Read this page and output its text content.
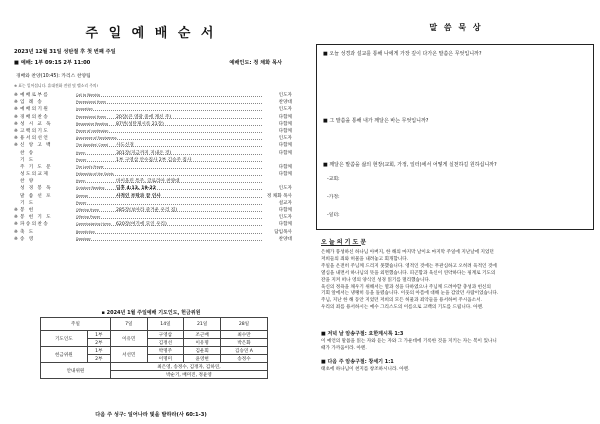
주 일 예 배 순 서
2023년 12월 31일 성탄절 후 첫 번째 주일
■ 예배: 1부 09:15 2부 11:00	예배인도: 정 채화 목사
경배와 찬양(10:45): 카리스 찬양팀
※ 표는 일어섭니다. 휴대전화 전원 및 벨소리 주의!
※ 예배로부름	Call to Worship	인도자
※ 입 례 송	Processional Hymn	찬양대
※ 예배의기원	Invocation	인도자
※ 경배의찬송	Processional Hymn 20장(큰 영광 중에 계신 주)	다함께
※ 성 시 교 독	Responsive Reading 87번(성탄제시록 21장)	다함께
※ 고백의기도	Prayer of confession	다함께
※ 용서의선언	Assurance of Forgiveness	인도자
※ 신 앙 고 백	The Apostles' Creed 사도신경	다함께
찬 송	Hymn	301장(지금까지 지내온 것)	다함께
기 도	Prayer	1부 구영삼 안수집사 2부 김승주 집사
주 기 도 문	The Lord's Prayer	다함께
성도의교제	Fellowship of the Saints	다함께
찬 양	Hymn	바이올린 특주, 글로리아 찬양대
성 경 봉 독	Scripture Reading	딤후 4:13, 19-22	인도자
말 씀 선 포	Sermon	사적인 부탁과 끝 인사	정 채화 목사
기 도	Prayer	설교자
※ 봉 헌	Offering Hymn	285장(보아라 즐거운 우리 집)	다함께
※ 봉 헌 기 도	Offering Prayer	인도자
※ 파송의찬송	Commissioning Hymn 620장(여기에 모인 우리)	다함께
※ 축 도	Benediction	담임목사
※ 송 영	Doxology	찬양대
▪ 2024년 1월 주일예배 기도인도, 헌금위원
주일		7일	14일	21일	28일
기도인도	1부	이유민	구영삼	조근배	최수만
	2부		김정선	이유명	박은화
헌금위원	1부	서선민	박명주	김운회	김승연 A
	2부		이명미	윤영현	송정수
안내위원		최은영, 송정수, 김정자, 김하연,			
		박순기, 배미진, 정윤영			
다음 주 성구: 일어나라 빛을 발하라(사 60:1-3)
말 씀 묵 상
■ 오늘 성경과 설교를 통해 나에게 가장 깊이 다가온 말씀은 무엇입니까?
■ 그 말씀을 통해 내가 깨달은 바는 무엇입니까?
■ 깨달은 말씀을 삶의 현장(교회, 가정, 일터)에서 어떻게 실천하길 원하십니까?
-교회:
-가정:
-일터:
오 늘 의 기 도 문

은혜가 풍성하신 하나님 아버지, 한 해의 마지막 날이요 마지막 주일에 지난날에 지었던

저희들의 죄와 허물을 내려놓고 회개합니다.

주일을 온전히 주님께 드리지 못했습니다. 영적인 것에는 무관심하고 오히려 육적인 것에

열심을 내면서 하나님의 뜻을 외면했습니다. 피곤함과 육신이 연약하다는 핑계로 기도의

잔을 지켜 떠나 영의 양식인 성경 읽기를 멀리했습니다.

육신의 정욕을 채우기 위해서는 열과 성을 다하였으나 주님께 드려야할 충성과 헌신의

기회 앞에서는 냉랭히 등을 돌렸습니다. 이웃의 아픔에 대해 눈을 감았던 사람이었습니다.

주님, 지난 한 해 동안 지었던 저희의 모든 허물과 죄악들을 용서하여 주시옵소서.

우리의 죄를 용서하시는 예수 그리스도의 이름으로 고백의 기도를 드립니다. 아멘.

■ 저녁 날 암송구절: 요한계시록 1:3
이 예언의 말씀을 읽는 자와 듣는 자와 그 가운데에 기록한 것을 지키는 자는 복이 있나니
때가 가까움이라. 아멘.
■ 다음 주 암송구절: 창세기 1:1
태초에 하나님이 천지를 창조하시니라. 아멘.
